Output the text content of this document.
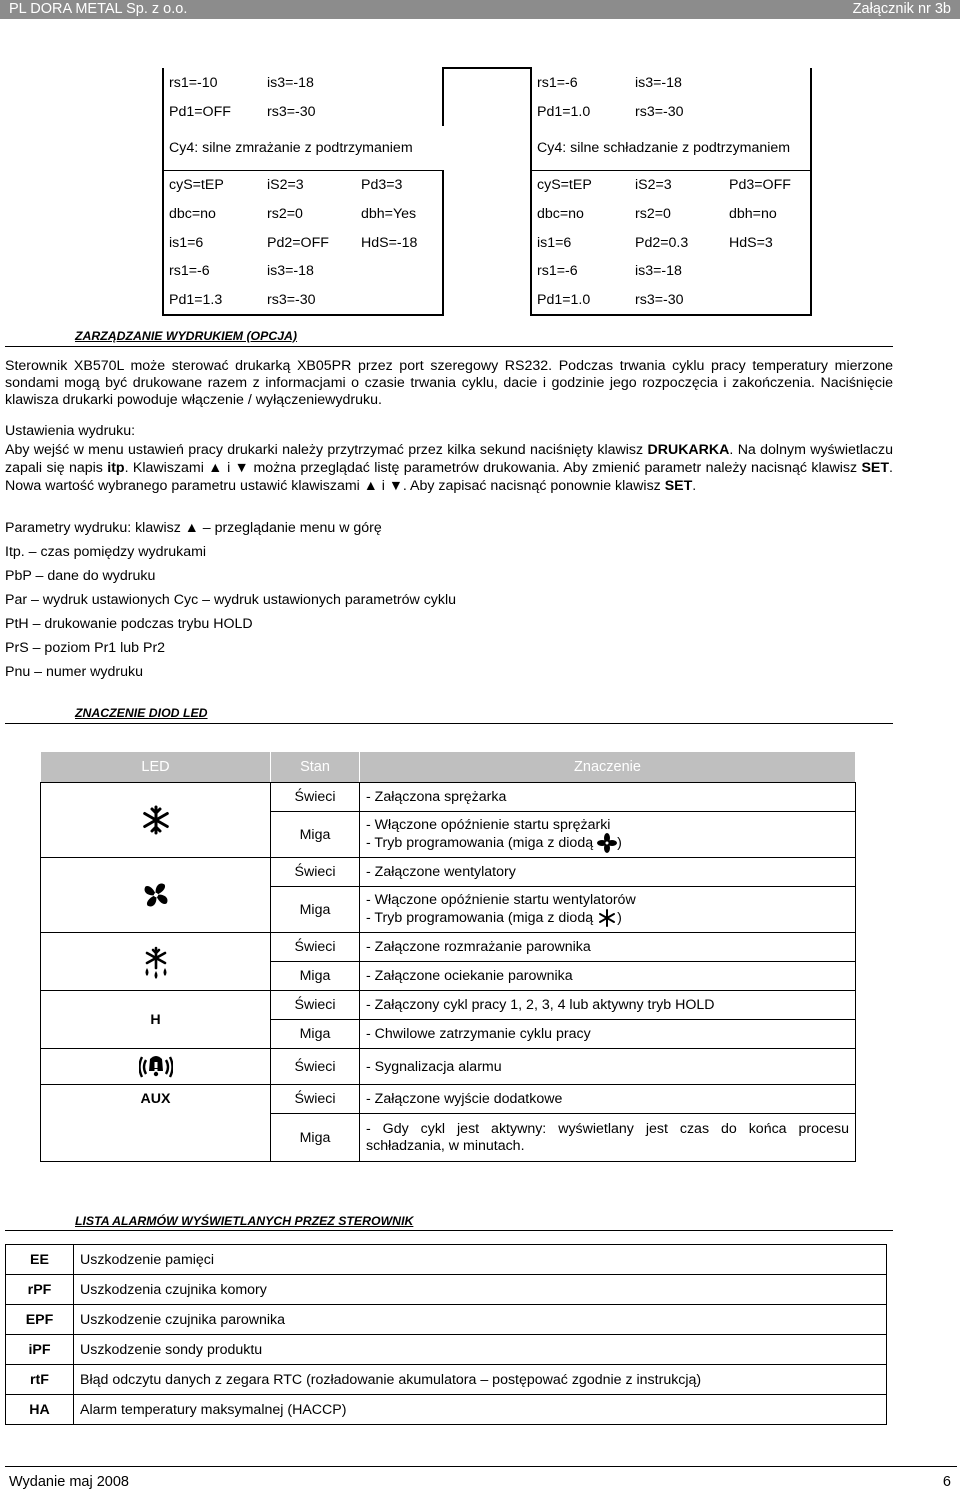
PL DORA METAL Sp. z o.o.	Załącznik nr 3b
rs1=-10	is3=-18			rs1=-6	is3=-18	
Pd1=OFF	rs3=-30			Pd1=1.0	rs3=-30	
Cy4: silne zmrażanie z podtrzymaniem				Cy4: silne schładzanie z podtrzymaniem		
cyS=tEP	iS2=3	Pd3=3		cyS=tEP	iS2=3	Pd3=OFF
dbc=no	rs2=0	dbh=Yes		dbc=no	rs2=0	dbh=no
is1=6	Pd2=OFF	HdS=-18		is1=6	Pd2=0.3	HdS=3
rs1=-6	is3=-18			rs1=-6	is3=-18	
Pd1=1.3	rs3=-30			Pd1=1.0	rs3=-30	
ZARZĄDZANIE WYDRUKIEM (OPCJA)
Sterownik XB570L może sterować drukarką XB05PR przez port szeregowy RS232. Podczas trwania cyklu pracy temperatury mierzone sondami mogą być drukowane razem z informacjami o czasie trwania cyklu, dacie i godzinie jego rozpoczęcia i zakończenia. Naciśnięcie klawisza drukarki powoduje włączenie / wyłączeniewydruku.
Ustawienia wydruku:
Aby wejść w menu ustawień pracy drukarki należy przytrzymać przez kilka sekund naciśnięty klawisz DRUKARKA. Na dolnym wyświetlaczu zapali się napis itp. Klawiszami ▲ i ▼ można przeglądać listę parametrów drukowania. Aby zmienić parametr należy nacisnąć klawisz SET. Nowa wartość wybranego parametru ustawić klawiszami ▲ i ▼. Aby zapisać nacisnąć ponownie klawisz SET.
Parametry wydruku: klawisz ▲ – przeglądanie menu w górę
Itp. – czas pomiędzy wydrukami
PbP – dane do wydruku
Par – wydruk ustawionych Cyc – wydruk ustawionych parametrów cyklu
PtH – drukowanie podczas trybu HOLD
PrS – poziom Pr1 lub Pr2
Pnu – numer wydruku
ZNACZENIE DIOD LED
LED	Stan	Znaczenie
	Świeci	- Załączona sprężarka
	Miga	- Włączone opóźnienie startu sprężarki
- Tryb programowania (miga z diodą )

	Świeci	- Załączone wentylatory
	Miga	- Włączone opóźnienie startu wentylatorów
- Tryb programowania (miga z diodą )

	Świeci	- Załączone rozmrażanie parownika
	Miga	- Załączone ociekanie parownika
H	Świeci	- Załączony cykl pracy 1, 2, 3, 4 lub aktywny tryb HOLD
	Miga	- Chwilowe zatrzymanie cyklu pracy
	Świeci	- Sygnalizacja alarmu
AUX	Świeci	- Załączone wyjście dodatkowe
	Miga	- Gdy cykl jest aktywny: wyświetlany jest czas do końca procesu schładzania, w minutach.
LISTA ALARMÓW WYŚWIETLANYCH PRZEZ STEROWNIK
EE	Uszkodzenie pamięci
rPF	Uszkodzenia czujnika komory
EPF	Uszkodzenie czujnika parownika
iPF	Uszkodzenie sondy produktu
rtF	Błąd odczytu danych z zegara RTC (rozładowanie akumulatora – postępować zgodnie z instrukcją)
HA	Alarm temperatury maksymalnej (HACCP)
Wydanie maj 2008	6
